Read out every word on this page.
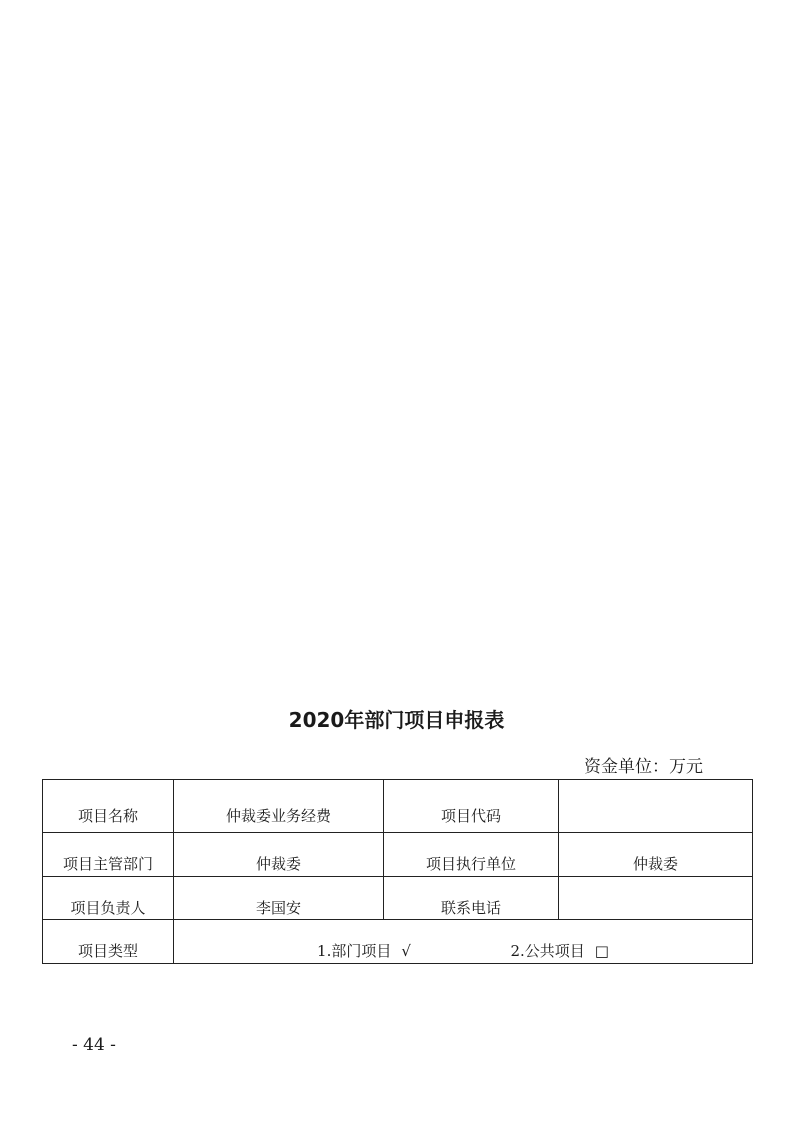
2020年部门项目申报表
资金单位：万元
项目名称	仲裁委业务经费	项目代码	
项目主管部门	仲裁委	项目执行单位	仲裁委
项目负责人	李国安	联系电话	
项目类型	1.部门项目 √ 2.公共项目 □		
- 44 -
